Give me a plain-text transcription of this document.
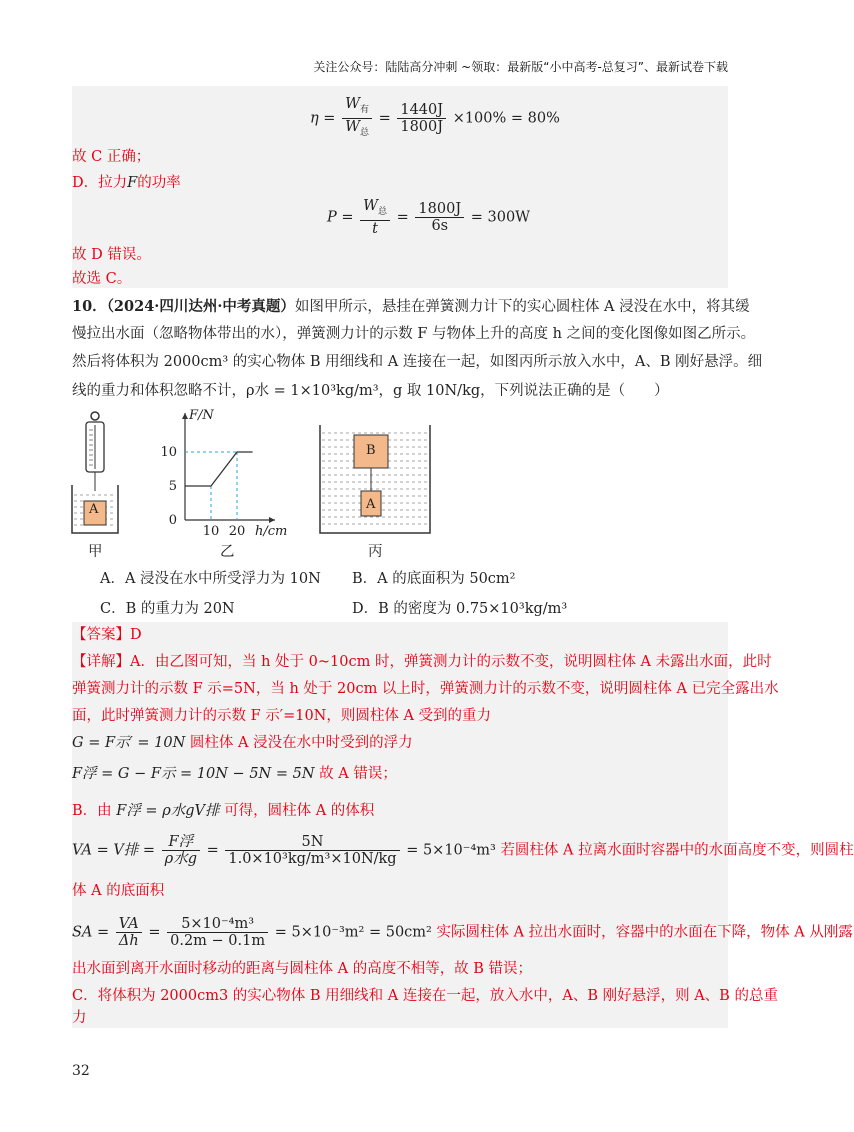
关注公众号：陆陆高分冲刺 ~领取：最新版“小中高考-总复习”、最新试卷下载
$\eta = \frac{W_有}{W_总} = \frac{1440J}{1800J} \times 100\% = 80\%$
故 C 正确；
D．拉力F的功率
$P = \frac{W_总}{t} = \frac{1800J}{6s} = 300W$
故 D 错误。
故选 C。
10．（2024·四川达州·中考真题）如图甲所示，悬挂在弹簧测力计下的实心圆柱体 A 浸没在水中，将其缓
慢拉出水面（忽略物体带出的水），弹簧测力计的示数 F 与物体上升的高度 h 之间的变化图像如图乙所示。
然后将体积为 2000cm³ 的实心物体 B 用细线和 A 连接在一起，如图丙所示放入水中，A、B 刚好悬浮。细
线的重力和体积忽略不计，ρ水 = 1×10³kg/m³，g 取 10N/kg，下列说法正确的是（　　）
5
10
10 20
0
F/N
h/cm
A
B
A
甲	乙	丙
A．A 浸没在水中所受浮力为 10N B．A 的底面积为 50cm²
C．B 的重力为 20N	D．B 的密度为 0.75×10³kg/m³
【答案】D
【详解】A．由乙图可知，当 h 处于 0~10cm 时，弹簧测力计的示数不变，说明圆柱体 A 未露出水面，此时
弹簧测力计的示数 F 示=5N，当 h 处于 20cm 以上时，弹簧测力计的示数不变，说明圆柱体 A 已完全露出水
面，此时弹簧测力计的示数 F 示′=10N，则圆柱体 A 受到的重力
G = F示′ = 10N 圆柱体 A 浸没在水中时受到的浮力
F浮 = G − F示 = 10N − 5N = 5N 故 A 错误；
B．由 F浮 = ρ水gV排 可得，圆柱体 A 的体积
VA = V排 = $\frac{\text{F浮}}{\text{ρ水g}} = \frac{5N}{\text{1.0×10³kg/m³×10N/kg}} = 5\times 10^{-4}m^3$ 若圆柱体 A 拉离水面时容器中的水面高度不变，则圆柱
体 A 的底面积
SA = $\frac{VA}{\Delta h} = \frac{\text{5×10⁻⁴m³}}{0.2m - 0.1m} = 5\times 10^{-3}m^2 = 50cm^2$ 实际圆柱体 A 拉出水面时，容器中的水面在下降，物体 A 从刚露
出水面到离开水面时移动的距离与圆柱体 A 的高度不相等，故 B 错误；
C．将体积为 2000cm3 的实心物体 B 用细线和 A 连接在一起，放入水中，A、B 刚好悬浮，则 A、B 的总重
力
32
